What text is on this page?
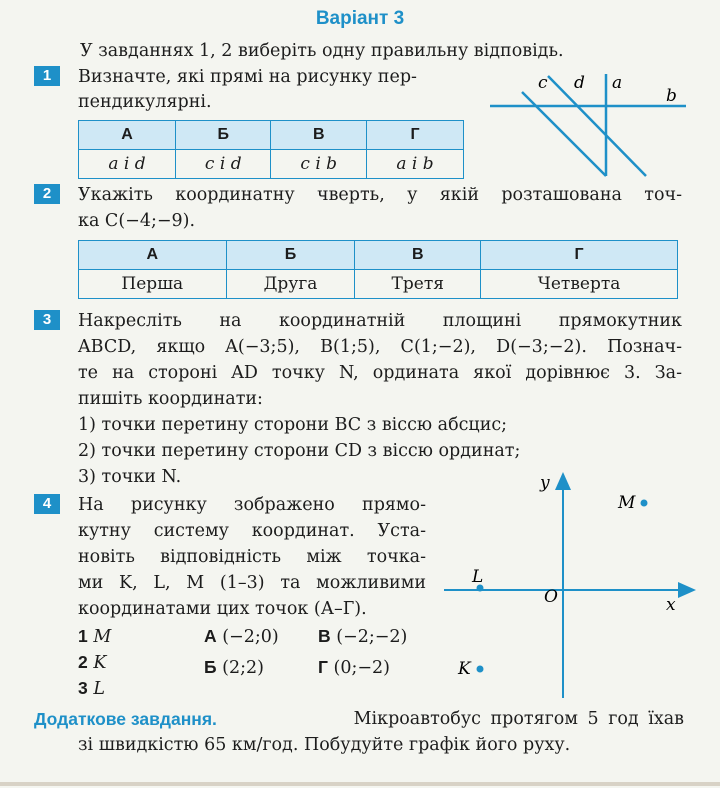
Варіант 3
У завданнях 1, 2 виберіть одну правильну відповідь.
1	Визначте, які прямі на рисунку пер-
пендикулярні.
А	Б	В	Г
a і d	c і d	c і b	a і b
c d a
b
2	Укажіть координатну чверть, у якій розташована точ-
ка C(−4;−9).
А	Б	В	Г
Перша	Друга	Третя	Четверта
3	Накресліть на координатній площині прямокутник
ABCD, якщо A(−3;5), B(1;5), C(1;−2), D(−3;−2). Познач-
те на стороні AD точку N, ордината якої дорівнює 3. За-
пишіть координати:
1) точки перетину сторони BC з віссю абсцис;
2) точки перетину сторони CD з віссю ординат;
3) точки N.
4	На рисунку зображено прямо-
кутну систему координат. Уста-
новіть відповідність між точка-
ми K, L, M (1–3) та можливими
координатами цих точок (А–Г).
1 M
2 K
3 L
А (−2;0) В (−2;−2)
Б (2;2)	Г (0;−2)
y
x
O
M
L
K
Додаткове завдання.	Мікроавтобус протягом 5 год їхав
зі швидкістю 65 км/год. Побудуйте графік його руху.
